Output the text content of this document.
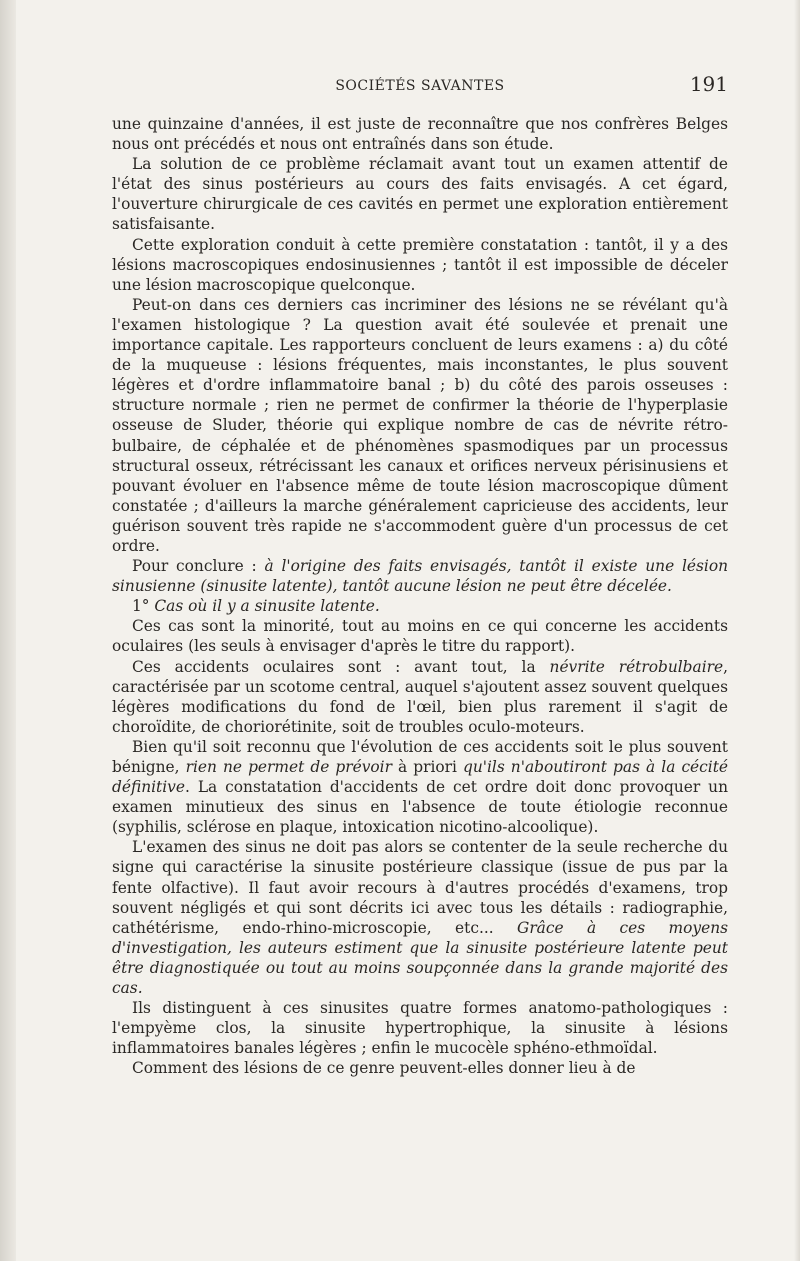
SOCIÉTÉS SAVANTES	191

une quinzaine d'années, il est juste de reconnaître que nos confrères Belges nous ont précédés et nous ont entraînés dans son étude.

La solution de ce problème réclamait avant tout un examen attentif de l'état des sinus postérieurs au cours des faits envisagés. A cet égard, l'ouverture chirurgicale de ces cavités en permet une exploration entièrement satisfaisante.

Cette exploration conduit à cette première constatation : tantôt, il y a des lésions macroscopiques endosinusiennes ; tantôt il est impossible de déceler une lésion macroscopique quelconque.

Peut-on dans ces derniers cas incriminer des lésions ne se révélant qu'à l'examen histologique ? La question avait été soulevée et prenait une importance capitale. Les rapporteurs concluent de leurs examens : a) du côté de la muqueuse : lésions fréquentes, mais inconstantes, le plus souvent légères et d'ordre inflammatoire banal ; b) du côté des parois osseuses : structure normale ; rien ne permet de confirmer la théorie de l'hyperplasie osseuse de Sluder, théorie qui explique nombre de cas de névrite rétro-bulbaire, de céphalée et de phénomènes spasmodiques par un processus structural osseux, rétrécissant les canaux et orifices nerveux périsinusiens et pouvant évoluer en l'absence même de toute lésion macroscopique dûment constatée ; d'ailleurs la marche généralement capricieuse des accidents, leur guérison souvent très rapide ne s'accommodent guère d'un processus de cet ordre.

Pour conclure : à l'origine des faits envisagés, tantôt il existe une lésion sinusienne (sinusite latente), tantôt aucune lésion ne peut être décelée.

1° Cas où il y a sinusite latente.

Ces cas sont la minorité, tout au moins en ce qui concerne les accidents oculaires (les seuls à envisager d'après le titre du rapport).

Ces accidents oculaires sont : avant tout, la névrite rétrobulbaire, caractérisée par un scotome central, auquel s'ajoutent assez souvent quelques légères modifications du fond de l'œil, bien plus rarement il s'agit de choroïdite, de choriorétinite, soit de troubles oculo-moteurs.

Bien qu'il soit reconnu que l'évolution de ces accidents soit le plus souvent bénigne, rien ne permet de prévoir à priori qu'ils n'aboutiront pas à la cécité définitive. La constatation d'accidents de cet ordre doit donc provoquer un examen minutieux des sinus en l'absence de toute étiologie reconnue (syphilis, sclérose en plaque, intoxication nicotino-alcoolique).

L'examen des sinus ne doit pas alors se contenter de la seule recherche du signe qui caractérise la sinusite postérieure classique (issue de pus par la fente olfactive). Il faut avoir recours à d'autres procédés d'examens, trop souvent négligés et qui sont décrits ici avec tous les détails : radiographie, cathétérisme, endo-rhino-microscopie, etc... Grâce à ces moyens d'investigation, les auteurs estiment que la sinusite postérieure latente peut être diagnostiquée ou tout au moins soupçonnée dans la grande majorité des cas.

Ils distinguent à ces sinusites quatre formes anatomo-pathologiques : l'empyème clos, la sinusite hypertrophique, la sinusite à lésions inflammatoires banales légères ; enfin le mucocèle sphéno-ethmoïdal.

Comment des lésions de ce genre peuvent-elles donner lieu à de
